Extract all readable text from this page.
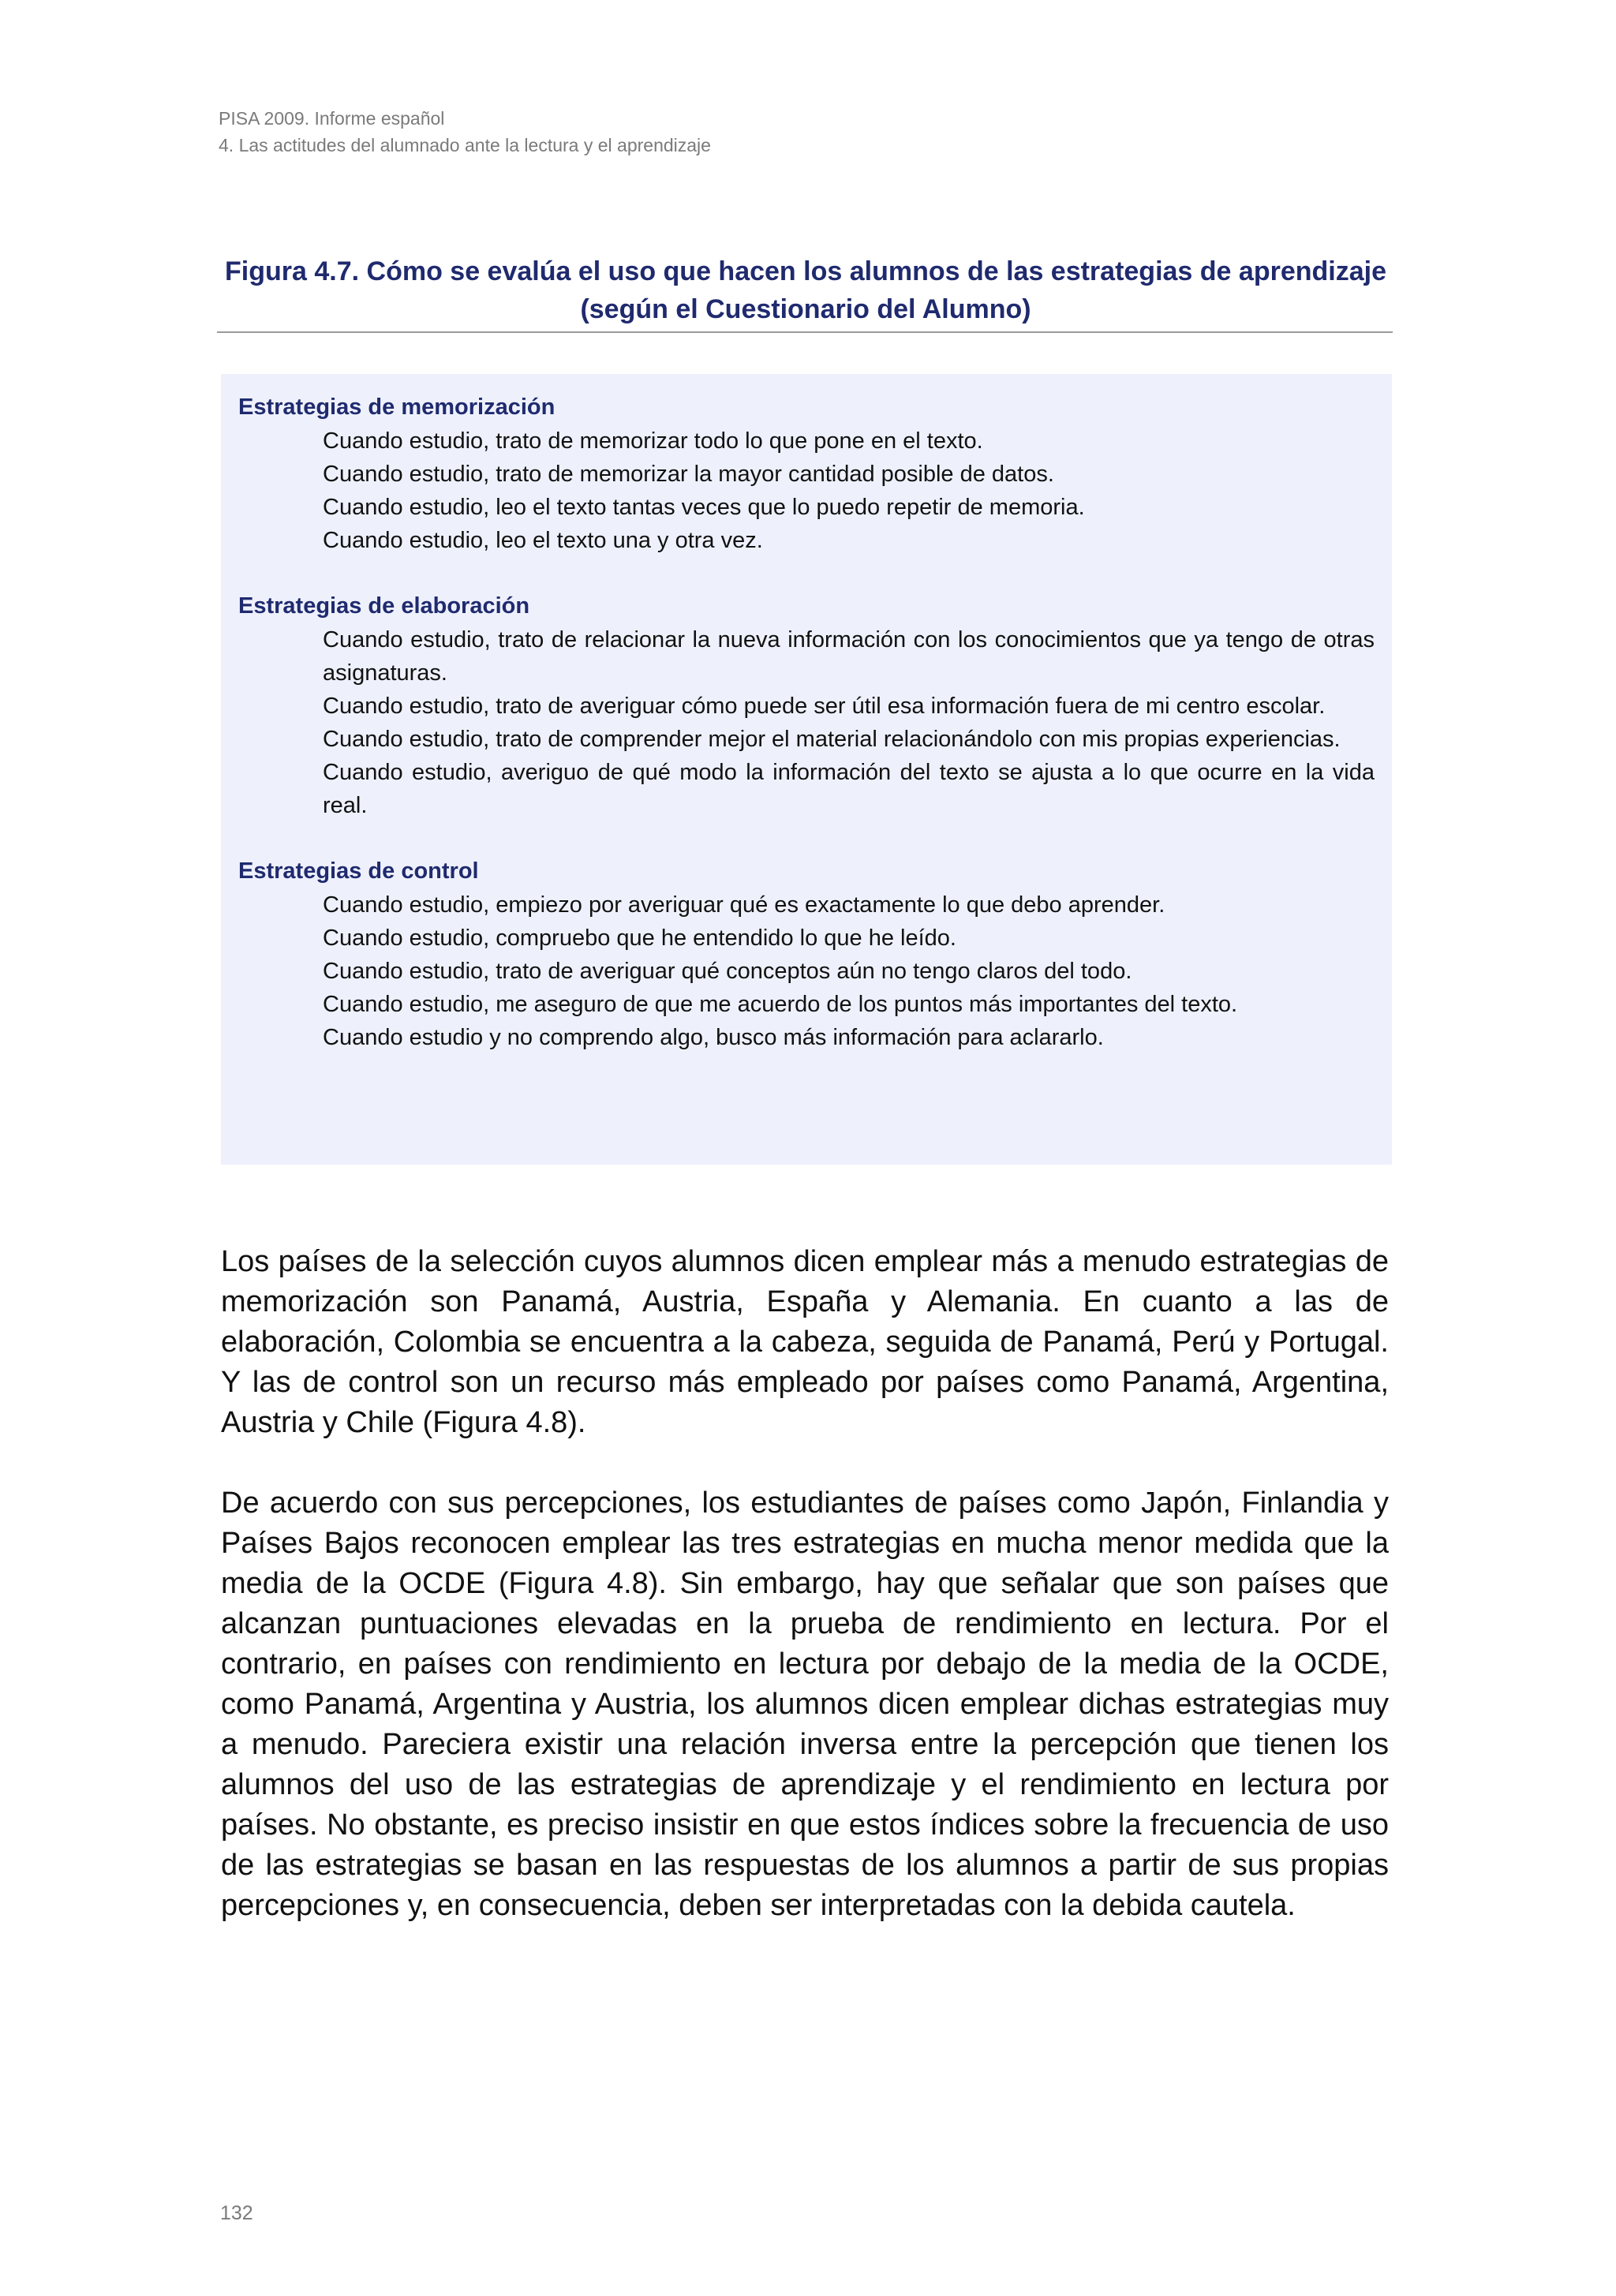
PISA 2009. Informe español
4. Las actitudes del alumnado ante la lectura y el aprendizaje
Figura 4.7. Cómo se evalúa el uso que hacen los alumnos de las estrategias de aprendizaje
(según el Cuestionario del Alumno)
Estrategias de memorización
Cuando estudio, trato de memorizar todo lo que pone en el texto.
Cuando estudio, trato de memorizar la mayor cantidad posible de datos.
Cuando estudio, leo el texto tantas veces que lo puedo repetir de memoria.
Cuando estudio, leo el texto una y otra vez.
Estrategias de elaboración
Cuando estudio, trato de relacionar la nueva información con los conocimientos que ya tengo de otras asignaturas.
Cuando estudio, trato de averiguar cómo puede ser útil esa información fuera de mi centro escolar.
Cuando estudio, trato de comprender mejor el material relacionándolo con mis propias experiencias.
Cuando estudio, averiguo de qué modo la información del texto se ajusta a lo que ocurre en la vida real.
Estrategias de control
Cuando estudio, empiezo por averiguar qué es exactamente lo que debo aprender.
Cuando estudio, compruebo que he entendido lo que he leído.
Cuando estudio, trato de averiguar qué conceptos aún no tengo claros del todo.
Cuando estudio, me aseguro de que me acuerdo de los puntos más importantes del texto.
Cuando estudio y no comprendo algo, busco más información para aclararlo.

Los países de la selección cuyos alumnos dicen emplear más a menudo estrategias de memorización son Panamá, Austria, España y Alemania. En cuanto a las de elaboración, Colombia se encuentra a la cabeza, seguida de Panamá, Perú y Portugal. Y las de control son un recurso más empleado por países como Panamá, Argentina, Austria y Chile (Figura 4.8).

De acuerdo con sus percepciones, los estudiantes de países como Japón, Finlandia y Países Bajos reconocen emplear las tres estrategias en mucha menor medida que la media de la OCDE (Figura 4.8). Sin embargo, hay que señalar que son países que alcanzan puntuaciones elevadas en la prueba de rendimiento en lectura. Por el contrario, en países con rendimiento en lectura por debajo de la media de la OCDE, como Panamá, Argentina y Austria, los alumnos dicen emplear dichas estrategias muy a menudo. Pareciera existir una relación inversa entre la percepción que tienen los alumnos del uso de las estrategias de aprendizaje y el rendimiento en lectura por países. No obstante, es preciso insistir en que estos índices sobre la frecuencia de uso de las estrategias se basan en las respuestas de los alumnos a partir de sus propias percepciones y, en consecuencia, deben ser interpretadas con la debida cautela.

132
